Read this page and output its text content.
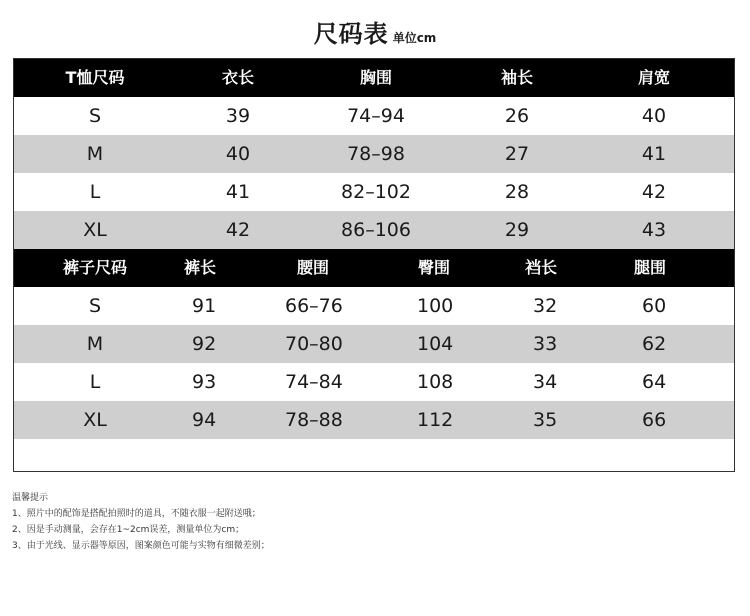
尺码表 单位cm
T恤尺码	衣长	胸围	袖长	肩宽
S	39	74–94	26	40
M	40	78–98	27	41
L	41	82–102	28	42
XL	42	86–106	29	43
裤子尺码	裤长	腰围	臀围	裆长	腿围
S	91	66–76	100	32	60
M	92	70–80	104	33	62
L	93	74–84	108	34	64
XL	94	78–88	112	35	66
温馨提示
1、照片中的配饰是搭配拍照时的道具，不随衣服一起附送哦；
2、因是手动测量，会存在1~2cm误差，测量单位为cm；
3、由于光线、显示器等原因，图案颜色可能与实物有细微差别；
